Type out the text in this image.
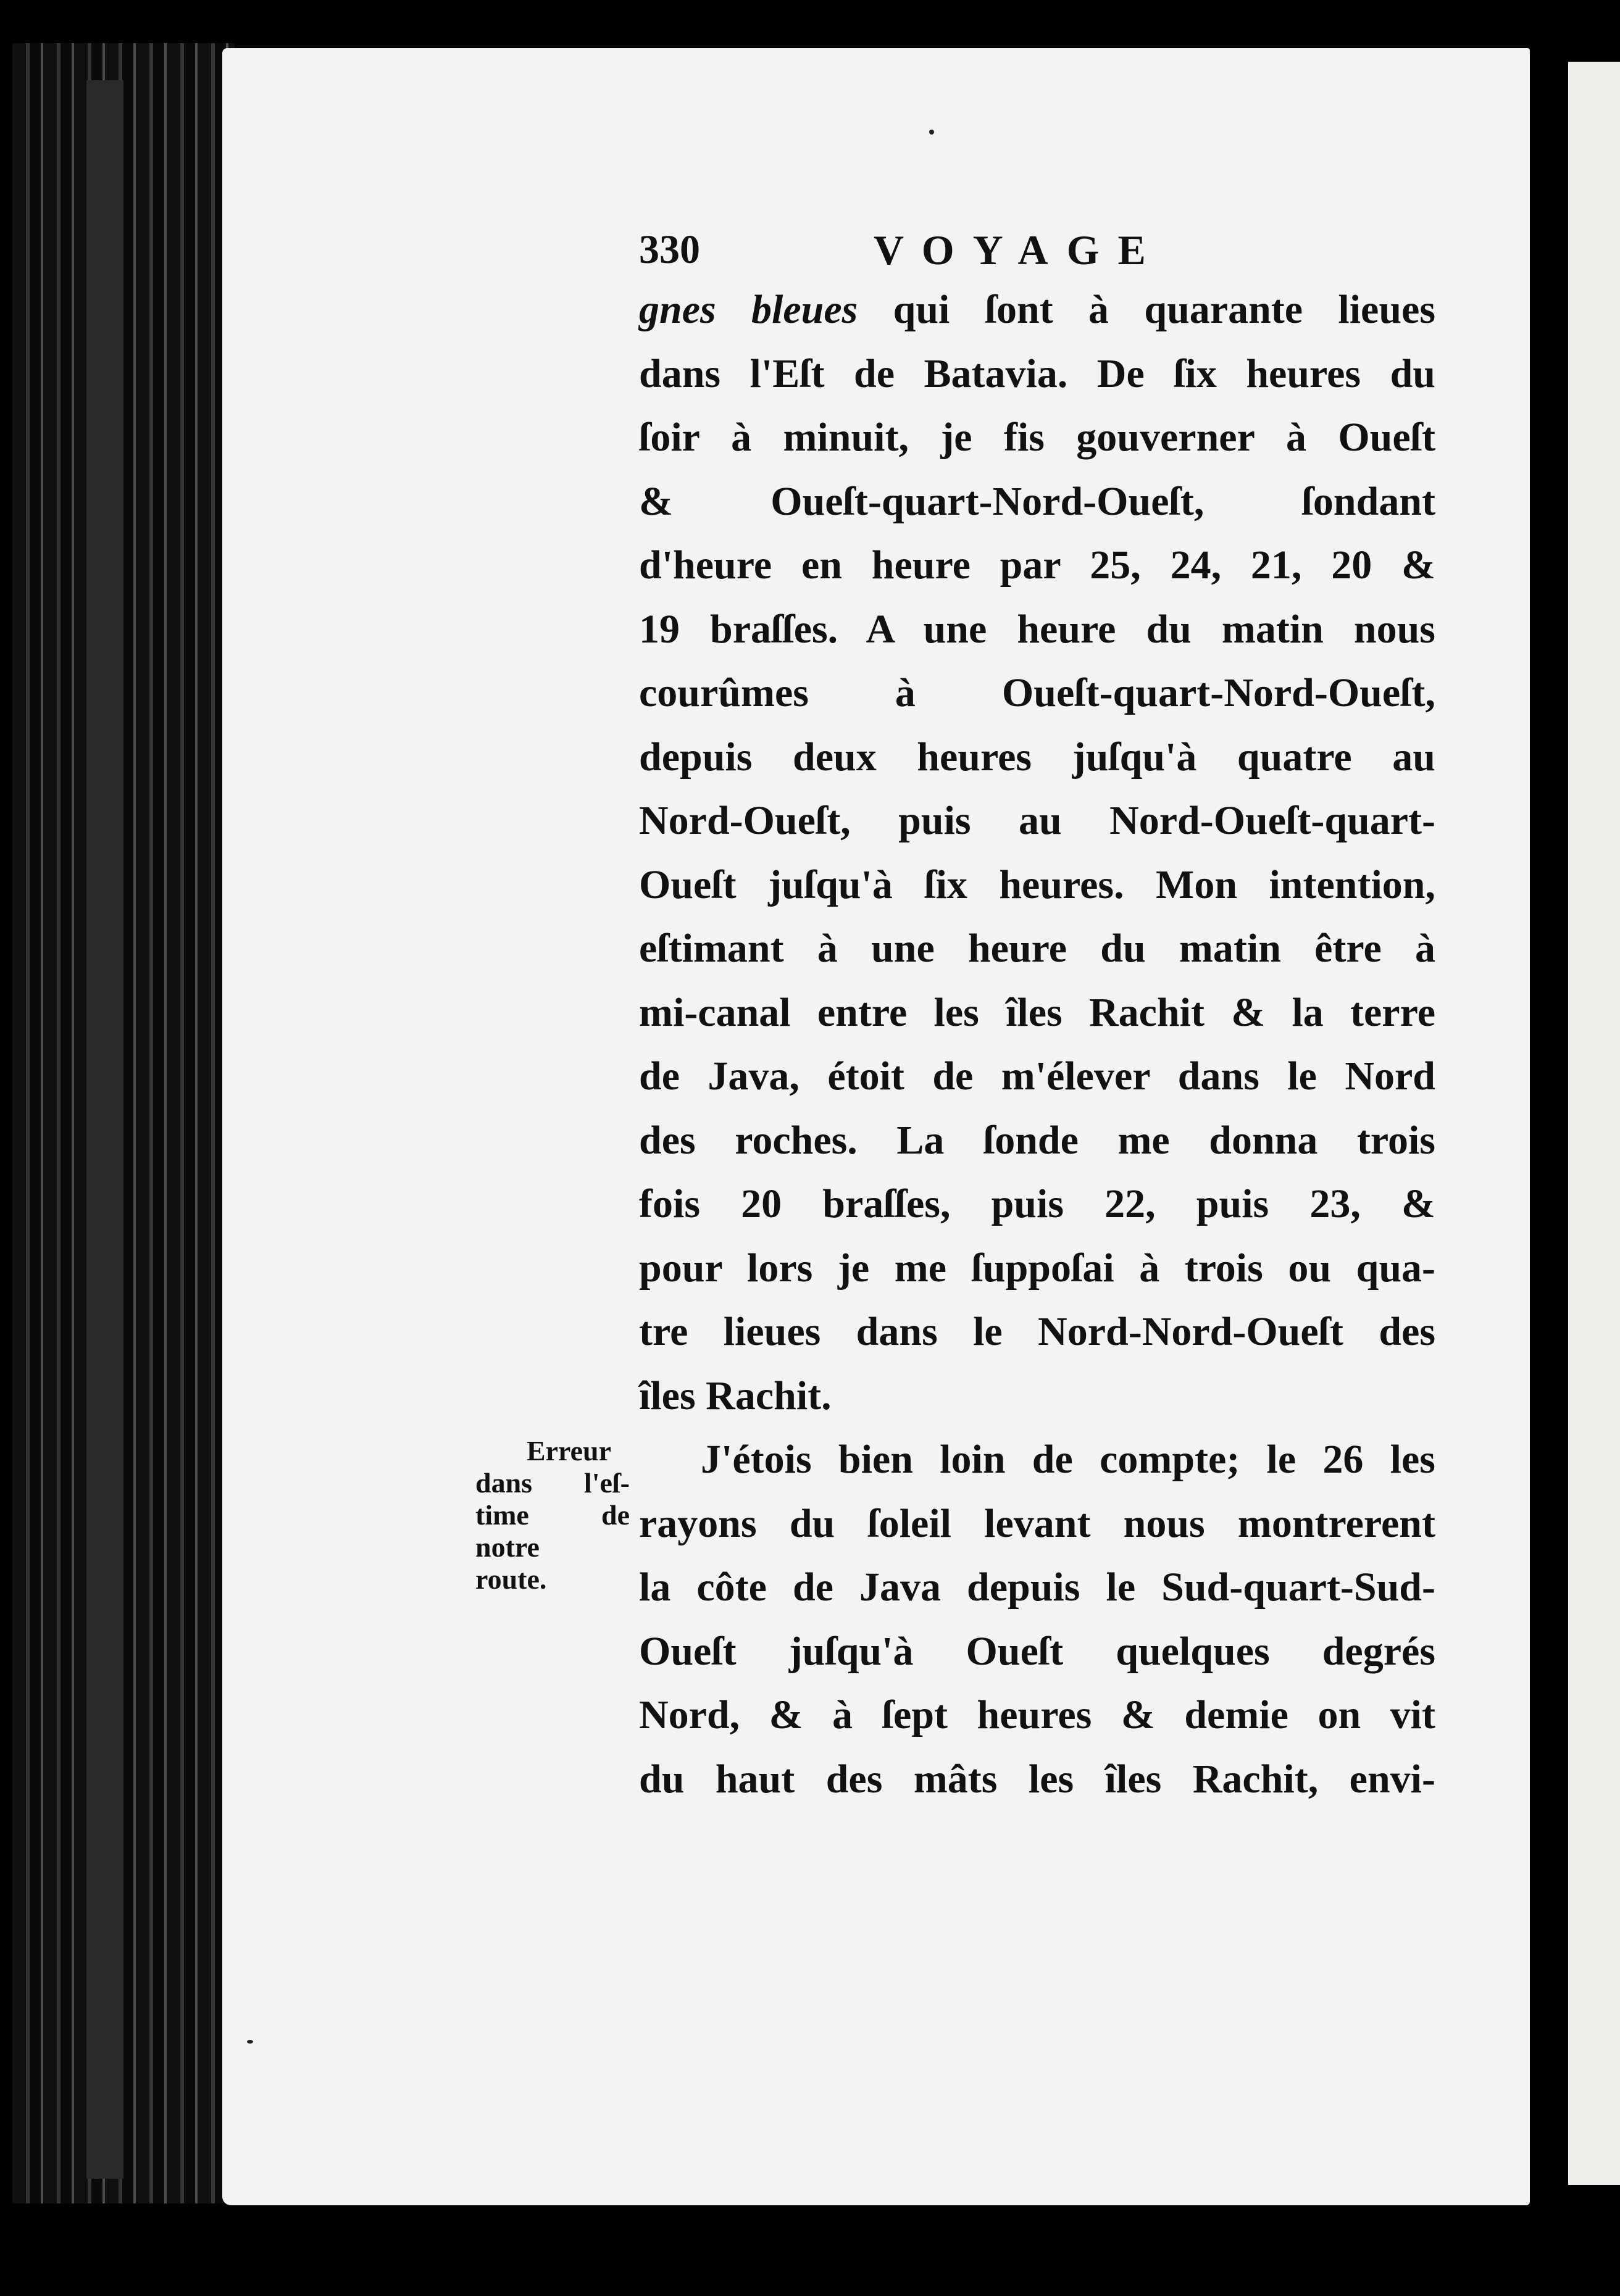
330	VOYAGE
gnes bleues qui ſont à quarante lieues
dans l'Eſt de Batavia. De ſix heures du
ſoir à minuit, je fis gouverner à Oueſt
& Oueſt-quart-Nord-Oueſt, ſondant
d'heure en heure par 25, 24, 21, 20 &
19 braſſes. A une heure du matin nous
courûmes à Oueſt-quart-Nord-Oueſt,
depuis deux heures juſqu'à quatre au
Nord-Oueſt, puis au Nord-Oueſt-quart-
Oueſt juſqu'à ſix heures. Mon intention,
eſtimant à une heure du matin être à
mi-canal entre les îles Rachit & la terre
de Java, étoit de m'élever dans le Nord
des roches. La ſonde me donna trois
fois 20 braſſes, puis 22, puis 23, &
pour lors je me ſuppoſai à trois ou qua-
tre lieues dans le Nord-Nord-Oueſt des
îles Rachit.
J'étois bien loin de compte; le 26 les
rayons du ſoleil levant nous montrerent
la côte de Java depuis le Sud-quart-Sud-
Oueſt juſqu'à Oueſt quelques degrés
Nord, & à ſept heures & demie on vit
du haut des mâts les îles Rachit, envi-
Erreur
dans l'eſ-
time de
notre
route.
